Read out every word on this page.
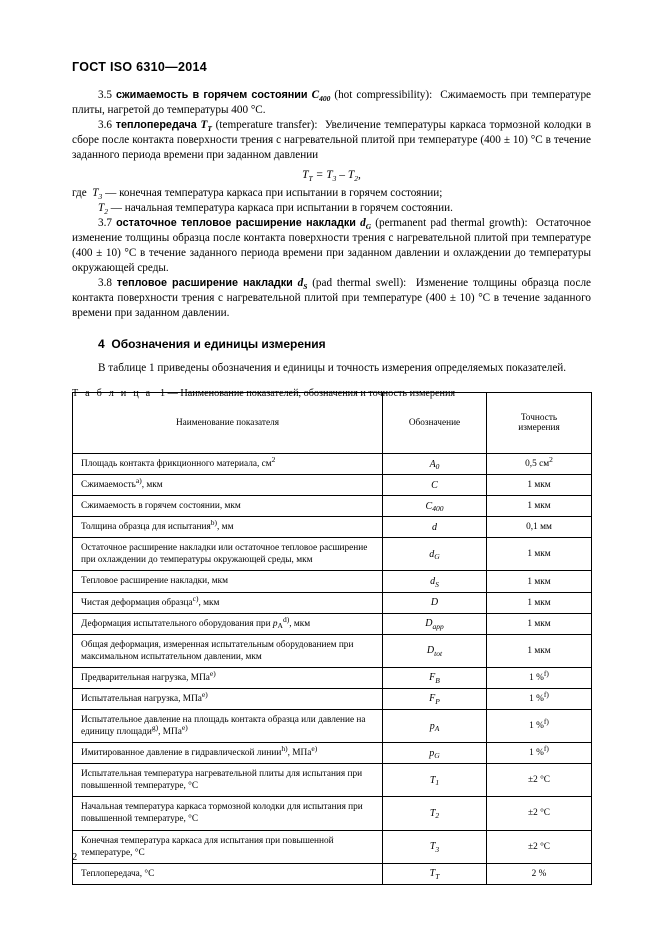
ГОСТ ISO 6310—2014

3.5 сжимаемость в горячем состоянии $C_{400}$ (hot compressibility):  Сжимаемость при температуре плиты, нагретой до температуры 400 °С.

3.6 теплопередача $T_T$ (temperature transfer):  Увеличение температуры каркаса тормозной колодки в сборе после контакта поверхности трения с нагревательной плитой при температуре (400 ± 10) °С в течение заданного периода времени при заданном давлении

$T_T = T_3 - T_2$,

где  $T_3$ — конечная температура каркаса при испытании в горячем состоянии;

$T_2$ — начальная температура каркаса при испытании в горячем состоянии.

3.7 остаточное тепловое расширение накладки $d_G$ (permanent pad thermal growth):  Остаточное изменение толщины образца после контакта поверхности трения с нагревательной плитой при температуре (400 ± 10) °С в течение заданного периода времени при заданном давлении и охлаждении до температуры окружающей среды.

3.8 тепловое расширение накладки $d_S$ (pad thermal swell):  Изменение толщины образца после контакта поверхности трения с нагревательной плитой при температуре (400 ± 10) °С в течение заданного времени при заданном давлении.

4 Обозначения и единицы измерения

В таблице 1 приведены обозначения и единицы и точность измерения определяемых показателей.

Т а б л и ц а 1 — Наименование показателей, обозначения и точность измерения
Наименование показателя	Обозначение	Точность
измерения
Площадь контакта фрикционного материала, $см^2$	$A_0$	0,5 $см^2$
Сжимаемость$^{а)}$, мкм	C	1 мкм
Сжимаемость в горячем состоянии, мкм	$C_{400}$	1 мкм
Толщина образца для испытания$^{b)}$, мм	d	0,1 мм
Остаточное расширение накладки или остаточное тепловое расширение при охлаждении до температуры окружающей среды, мкм	$d_G$	1 мкм
Тепловое расширение накладки, мкм	$d_S$	1 мкм
Чистая деформация образца$^{с)}$, мкм	D	1 мкм
Деформация испытательного оборудования при $p_A^{d)}$, мкм	$D_{app}$	1 мкм
Общая деформация, измеренная испытательным оборудованием при максимальном испытательном давлении, мкм	$D_{tot}$	1 мкм
Предварительная нагрузка, МПа$^{e)}$	$F_B$	1 %$^{f)}$
Испытательная нагрузка, МПа$^{e)}$	$F_P$	1 %$^{f)}$
Испытательное давление на площадь контакта образца или давление на единицу площади$^{g)}$, МПа$^{e)}$	$p_A$	1 %$^{f)}$
Имитированное давление в гидравлической линии$^{h)}$, МПа$^{e)}$	$p_G$	1 %$^{f)}$
Испытательная температура нагревательной плиты для испытания при повышенной температуре, °С	$T_1$	±2 °С
Начальная температура каркаса тормозной колодки для испытания при повышенной температуре, °С	$T_2$	±2 °С
Конечная температура каркаса для испытания при повышенной температуре, °С	$T_3$	±2 °С
Теплопередача, °С	$T_T$	2 %
2
